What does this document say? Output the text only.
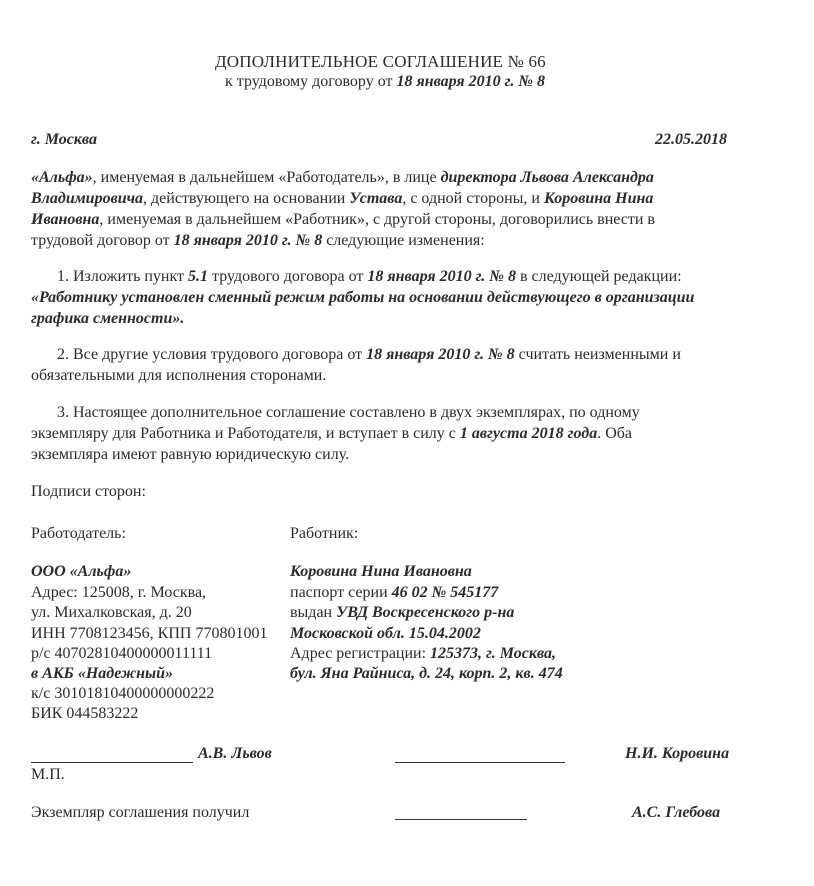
ДОПОЛНИТЕЛЬНОЕ СОГЛАШЕНИЕ № 66
к трудовому договору от 18 января 2010 г. № 8
г. Москва	22.05.2018
«Альфа», именуемая в дальнейшем «Работодатель», в лице директора Львова Александра
Владимировича, действующего на основании Устава, с одной стороны, и Коровина Нина
Ивановна, именуемая в дальнейшем «Работник», с другой стороны, договорились внести в
трудовой договор от 18 января 2010 г. № 8 следующие изменения:
1. Изложить пункт 5.1 трудового договора от 18 января 2010 г. № 8 в следующей редакции:
«Работнику установлен сменный режим работы на основании действующего в организации
графика сменности».
2. Все другие условия трудового договора от 18 января 2010 г. № 8 считать неизменными и
обязательными для исполнения сторонами.
3. Настоящее дополнительное соглашение составлено в двух экземплярах, по одному
экземпляру для Работника и Работодателя, и вступает в силу с 1 августа 2018 года. Оба
экземпляра имеют равную юридическую силу.
Подписи сторон:
Работодатель:
ООО «Альфа»
Адрес: 125008, г. Москва,
ул. Михалковская, д. 20
ИНН 7708123456, КПП 770801001
р/с 40702810400000011111
в АКБ «Надежный»
к/с 30101810400000000222
БИК 044583222
Работник:
Коровина Нина Ивановна
паспорт серии 46 02 № 545177
выдан УВД Воскресенского р-на
Московской обл. 15.04.2002
Адрес регистрации: 125373, г. Москва,
бул. Яна Райниса, д. 24, корп. 2, кв. 474
А.В. Львов
М.П.
Н.И. Коровина
Экземпляр соглашения получил	А.С. Глебова
